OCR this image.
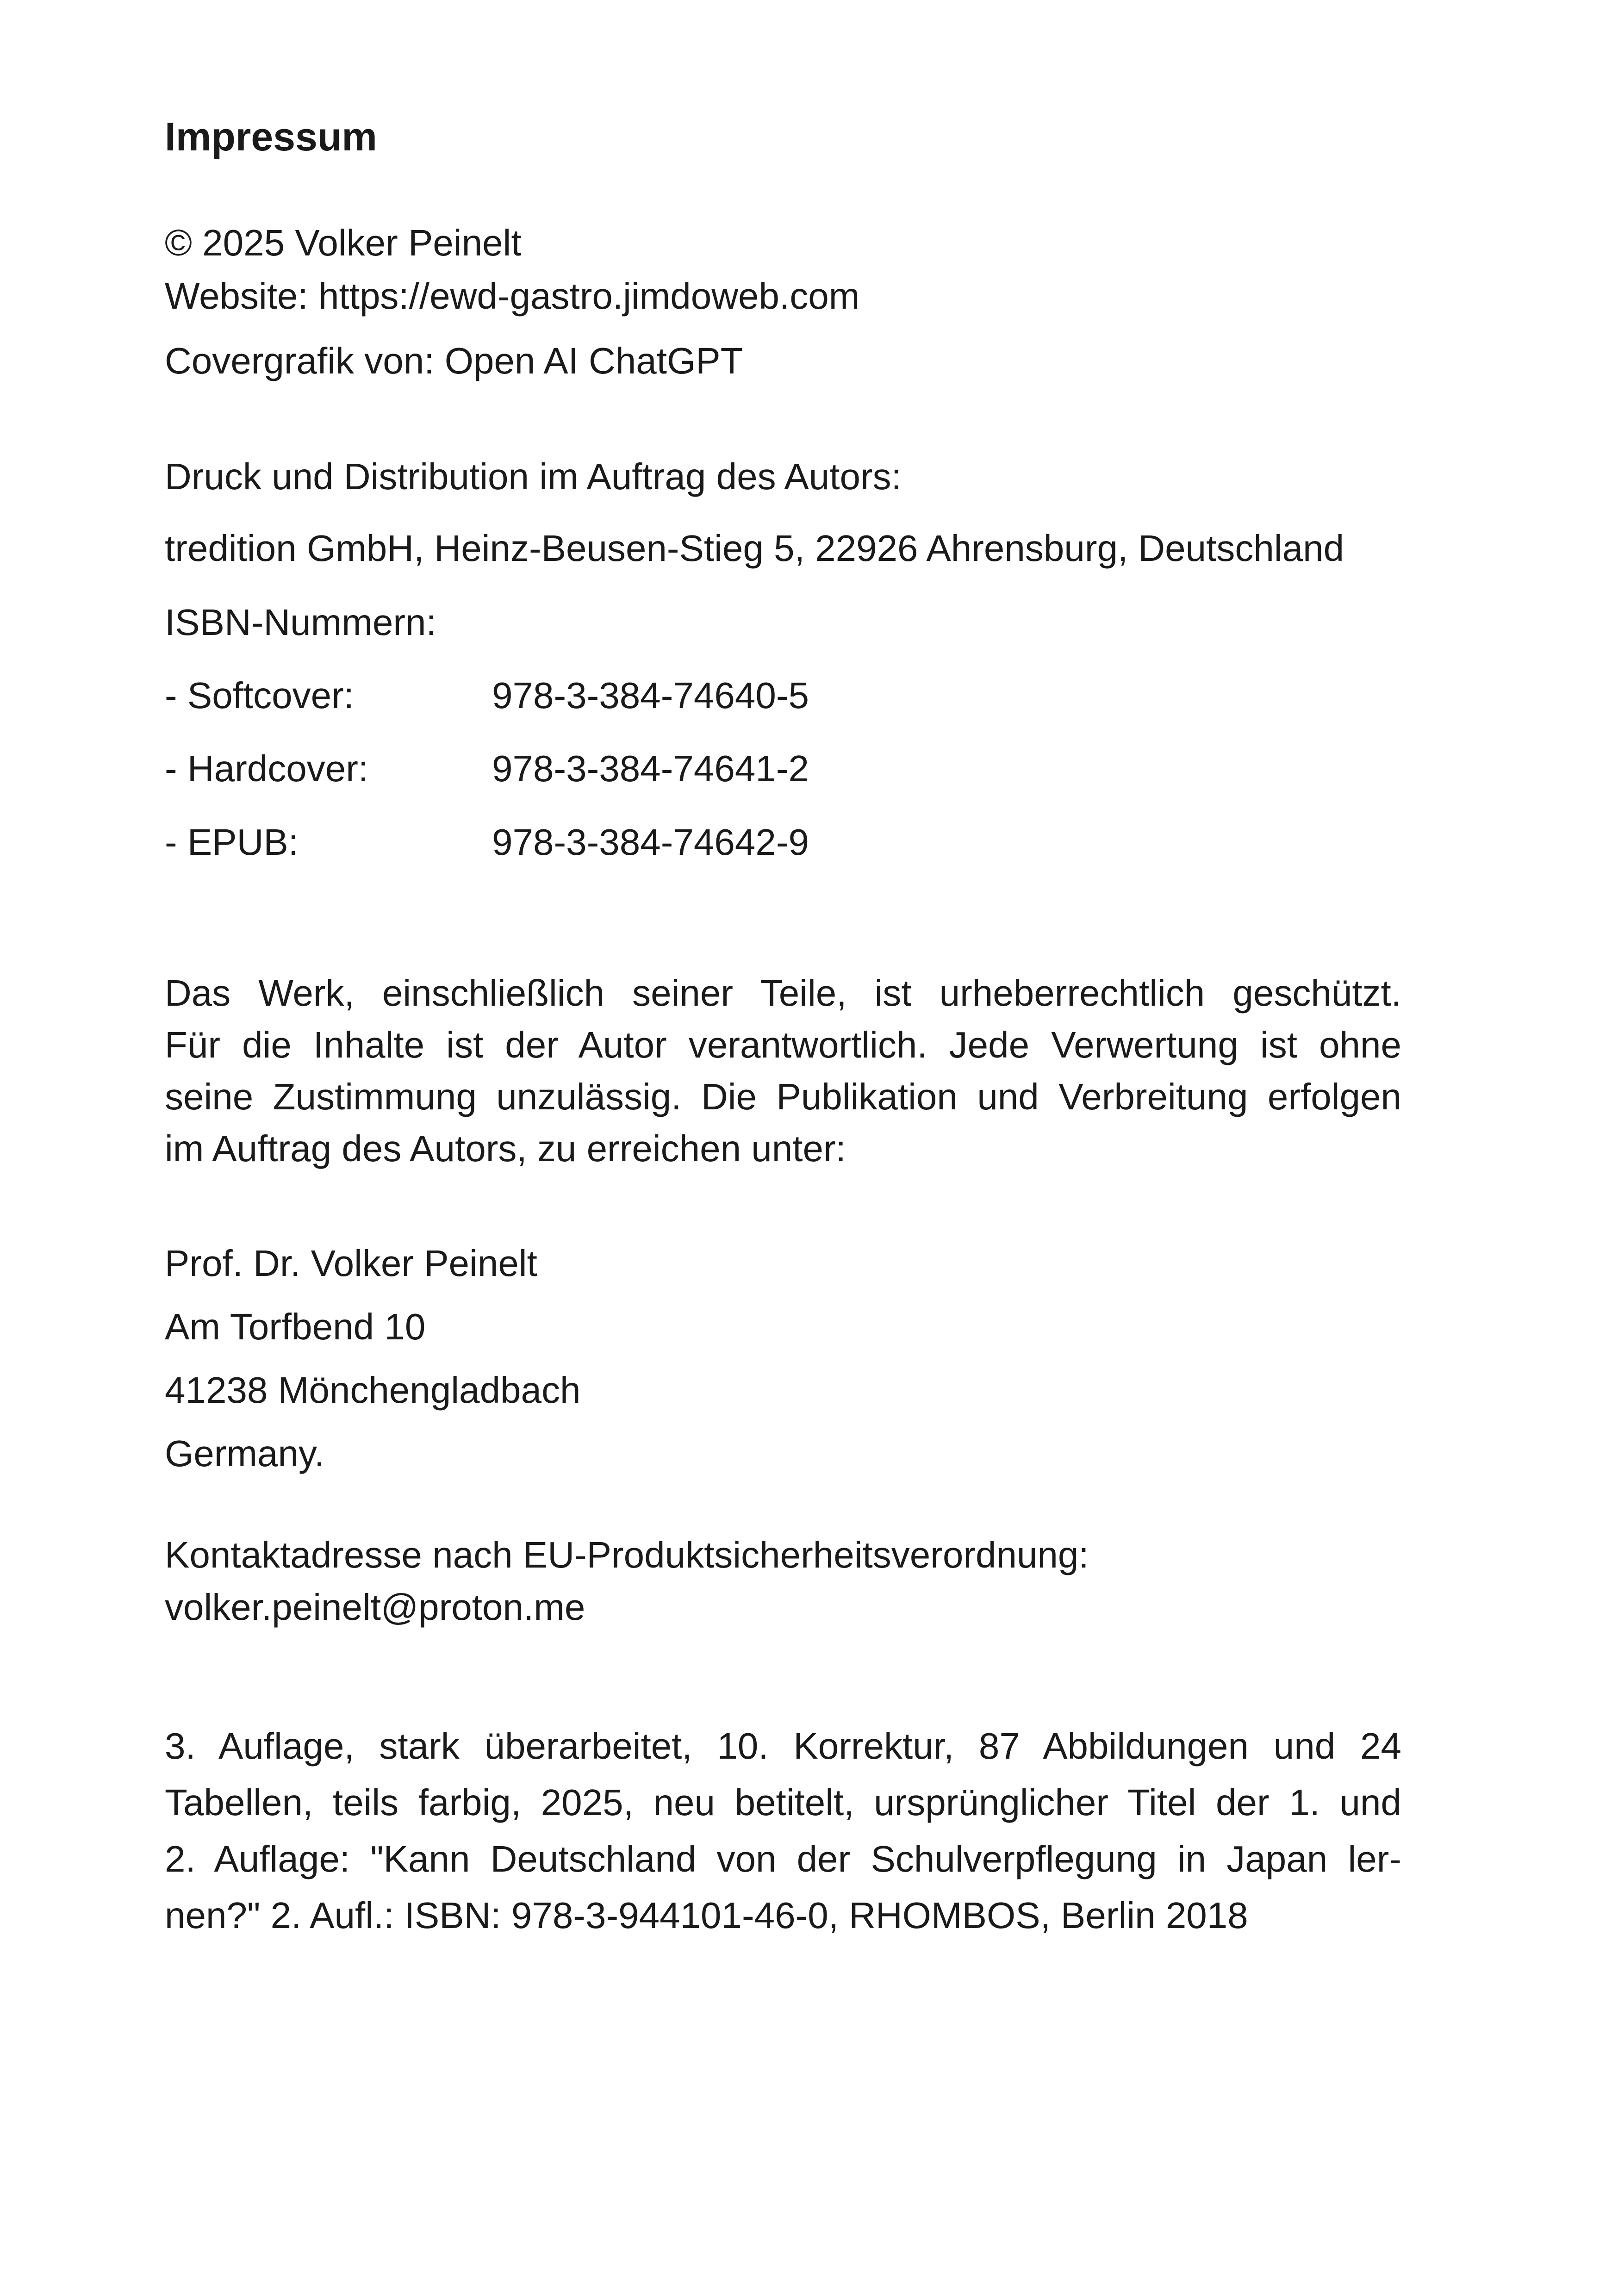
Impressum
© 2025 Volker Peinelt
Website: https://ewd-gastro.jimdoweb.com
Covergrafik von: Open AI ChatGPT
Druck und Distribution im Auftrag des Autors:
tredition GmbH, Heinz-Beusen-Stieg 5, 22926 Ahrensburg, Deutschland
ISBN-Nummern:
- Softcover:	978-3-384-74640-5
- Hardcover:	978-3-384-74641-2
- EPUB:	978-3-384-74642-9
Das Werk, einschließlich seiner Teile, ist urheberrechtlich geschützt.
Für die Inhalte ist der Autor verantwortlich. Jede Verwertung ist ohne
seine Zustimmung unzulässig. Die Publikation und Verbreitung erfolgen
im Auftrag des Autors, zu erreichen unter:
Prof. Dr. Volker Peinelt
Am Torfbend 10
41238 Mönchengladbach
Germany.
Kontaktadresse nach EU-Produktsicherheitsverordnung:
volker.peinelt@proton.me
3. Auflage, stark überarbeitet, 10. Korrektur, 87 Abbildungen und 24
Tabellen, teils farbig, 2025, neu betitelt, ursprünglicher Titel der 1. und
2. Auflage: "Kann Deutschland von der Schulverpflegung in Japan ler-
nen?" 2. Aufl.: ISBN: 978-3-944101-46-0, RHOMBOS, Berlin 2018
